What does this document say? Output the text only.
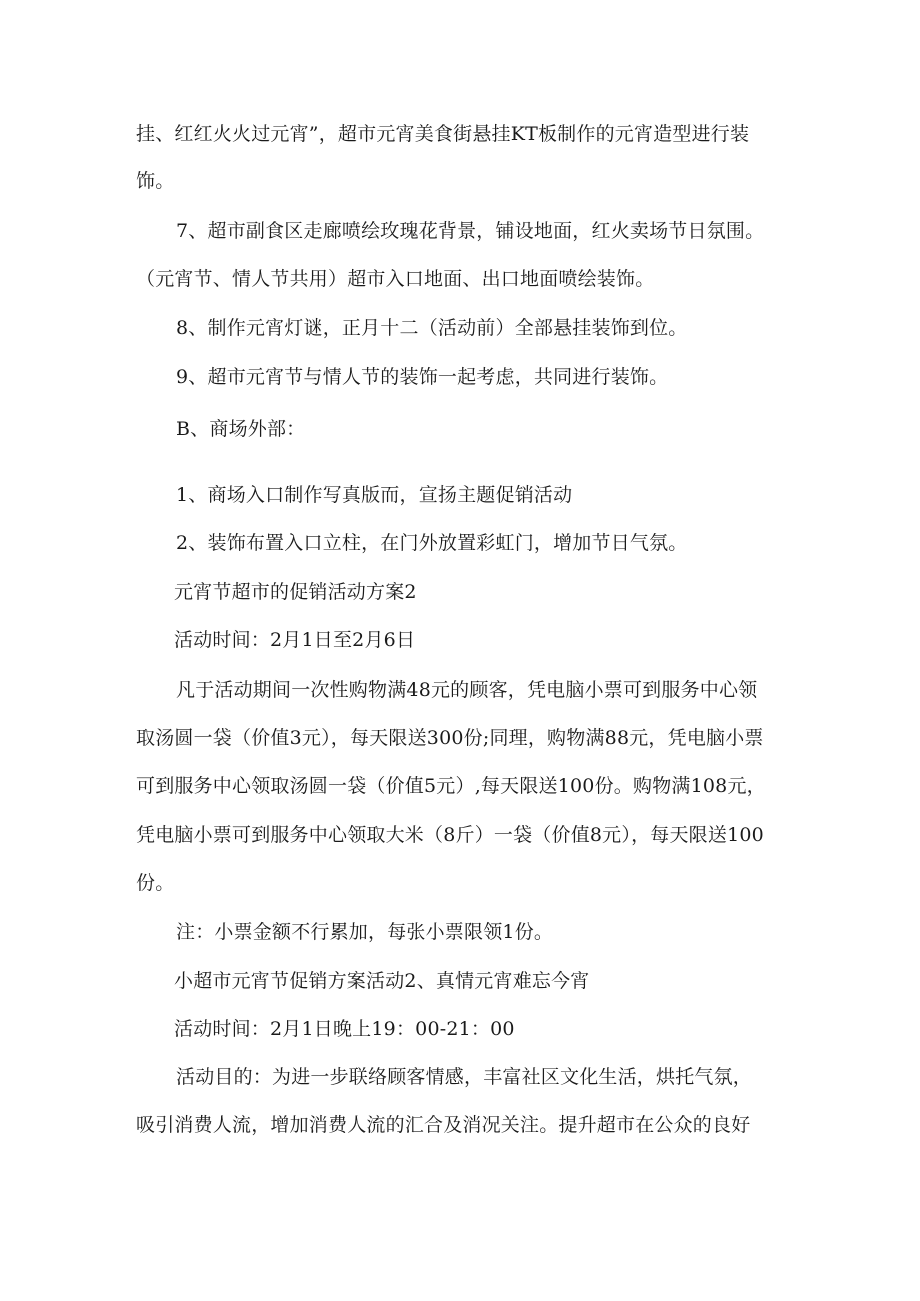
挂、红红火火过元宵”，超市元宵美食街悬挂KT板制作的元宵造型进行装
饰。
7、超市副食区走廊喷绘玫瑰花背景，铺设地面，红火卖场节日氛围。
（元宵节、情人节共用）超市入口地面、出口地面喷绘装饰。
8、制作元宵灯谜，正月十二（活动前）全部悬挂装饰到位。
9、超市元宵节与情人节的装饰一起考虑，共同进行装饰。
B、商场外部：
1、商场入口制作写真版而，宣扬主题促销活动
2、装饰布置入口立柱，在门外放置彩虹门，增加节日气氛。
元宵节超市的促销活动方案2
活动时间：2月1日至2月6日
凡于活动期间一次性购物满48元的顾客，凭电脑小票可到服务中心领
取汤圆一袋（价值3元），每天限送300份;同理，购物满88元，凭电脑小票
可到服务中心领取汤圆一袋（价值5元）,每天限送100份。购物满108元，
凭电脑小票可到服务中心领取大米（8斤）一袋（价值8元），每天限送100
份。
注：小票金额不行累加，每张小票限领1份。
小超市元宵节促销方案活动2、真情元宵难忘今宵
活动时间：2月1日晚上19：00-21：00
活动目的：为进一步联络顾客情感，丰富社区文化生活，烘托气氛，
吸引消费人流，增加消费人流的汇合及消况关注。提升超市在公众的良好
